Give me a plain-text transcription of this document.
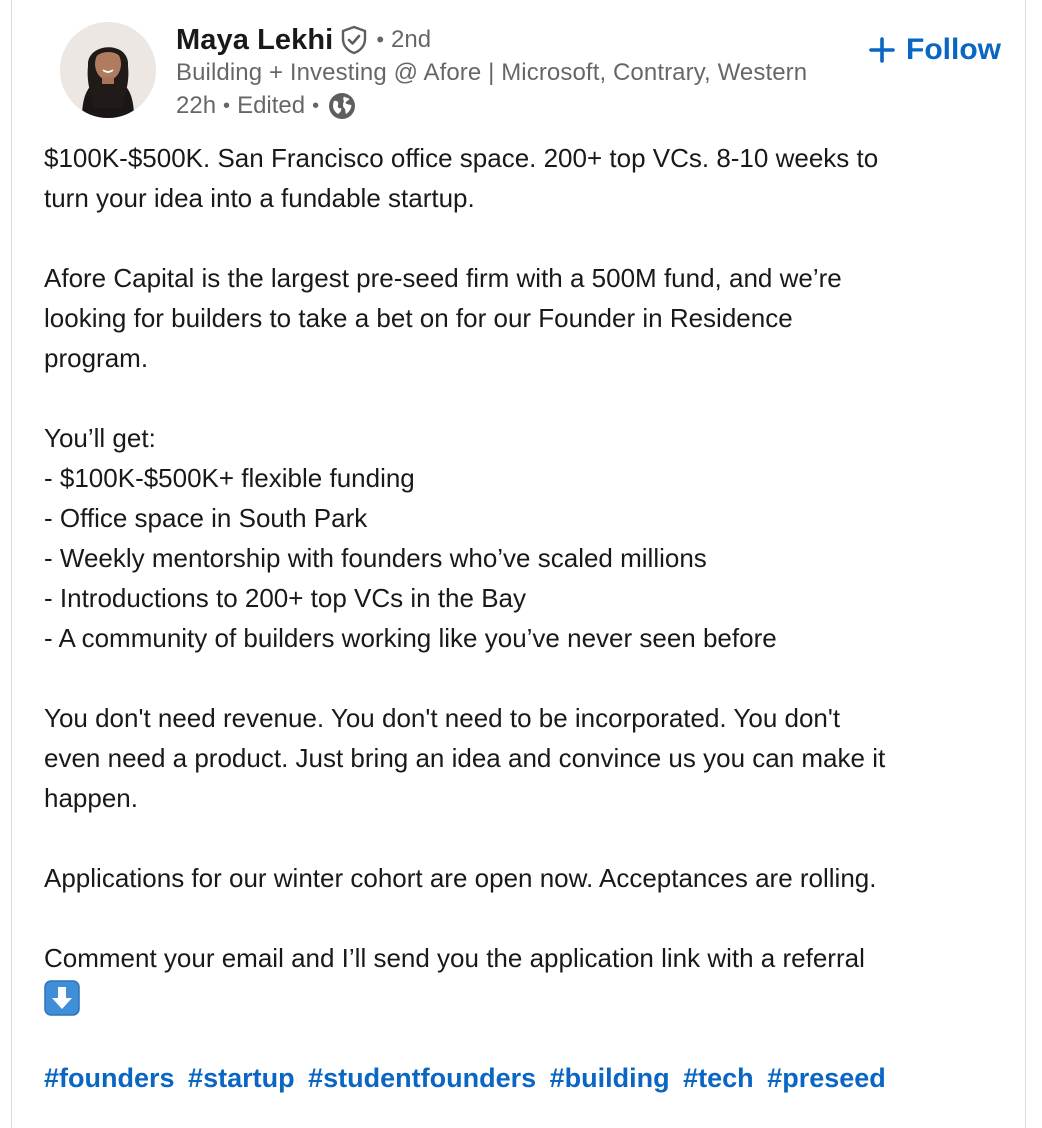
Maya Lekhi • 2nd
Building + Investing @ Afore | Microsoft, Contrary, Western
22h • Edited •
Follow

$100K-$500K. San Francisco office space. 200+ top VCs. 8-10 weeks to
turn your idea into a fundable startup.

Afore Capital is the largest pre-seed firm with a 500M fund, and we’re
looking for builders to take a bet on for our Founder in Residence
program.

You’ll get:
- $100K-$500K+ flexible funding
- Office space in South Park
- Weekly mentorship with founders who’ve scaled millions
- Introductions to 200+ top VCs in the Bay
- A community of builders working like you’ve never seen before

You don't need revenue. You don't need to be incorporated. You don't
even need a product. Just bring an idea and convince us you can make it
happen.

Applications for our winter cohort are open now. Acceptances are rolling.

Comment your email and I’ll send you the application link with a referral

#founders #startup #studentfounders #building #tech #preseed
